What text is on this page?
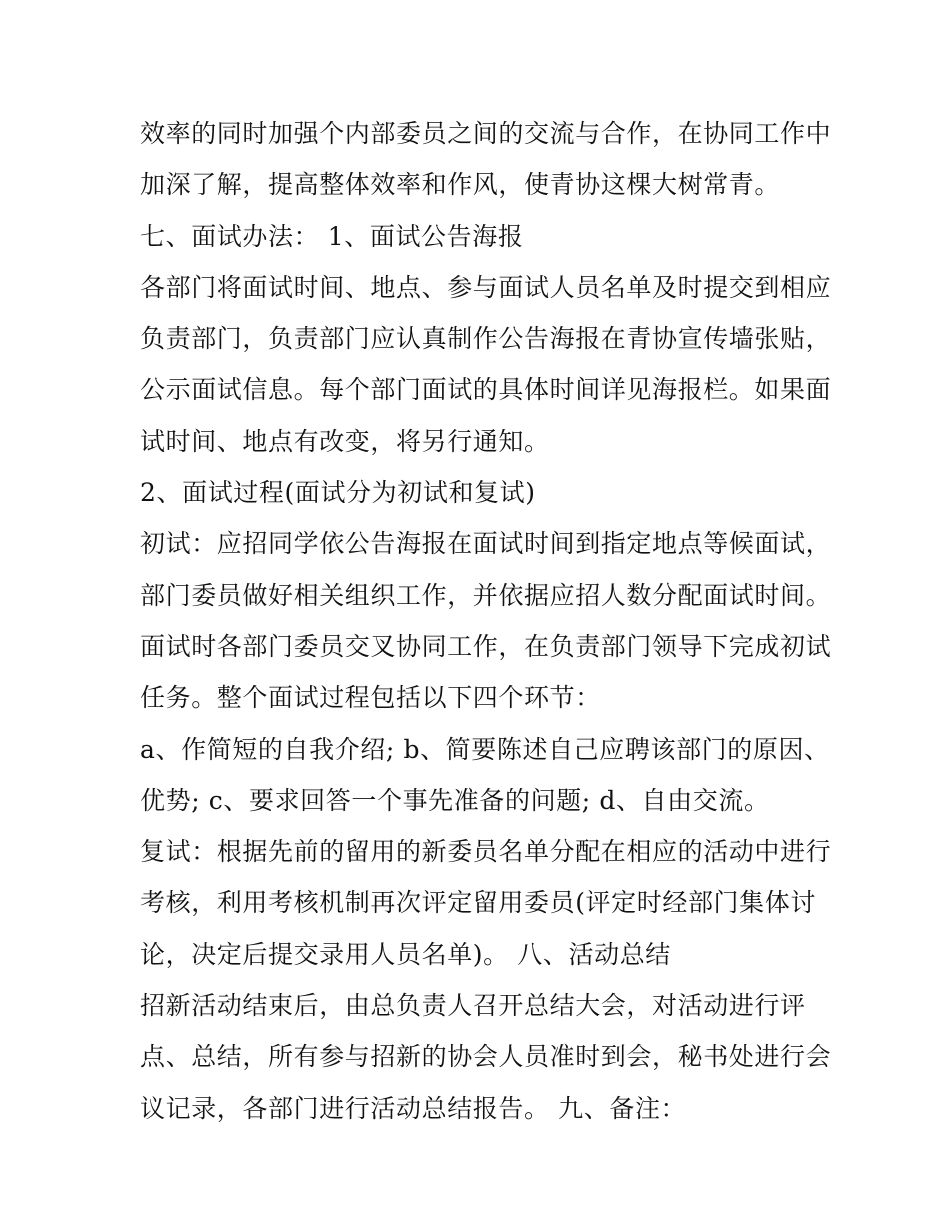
效率的同时加强个内部委员之间的交流与合作，在协同工作中
加深了解，提高整体效率和作风，使青协这棵大树常青。
七、面试办法： 1、面试公告海报
各部门将面试时间、地点、参与面试人员名单及时提交到相应
负责部门，负责部门应认真制作公告海报在青协宣传墙张贴，
公示面试信息。每个部门面试的具体时间详见海报栏。如果面
试时间、地点有改变，将另行通知。
2、面试过程(面试分为初试和复试)
初试：应招同学依公告海报在面试时间到指定地点等候面试，
部门委员做好相关组织工作，并依据应招人数分配面试时间。
面试时各部门委员交叉协同工作，在负责部门领导下完成初试
任务。整个面试过程包括以下四个环节：
a、作简短的自我介绍; b、简要陈述自己应聘该部门的原因、
优势; c、要求回答一个事先准备的问题; d、自由交流。
复试：根据先前的留用的新委员名单分配在相应的活动中进行
考核，利用考核机制再次评定留用委员(评定时经部门集体讨
论，决定后提交录用人员名单)。 八、活动总结
招新活动结束后，由总负责人召开总结大会，对活动进行评
点、总结，所有参与招新的协会人员准时到会，秘书处进行会
议记录，各部门进行活动总结报告。 九、备注：
